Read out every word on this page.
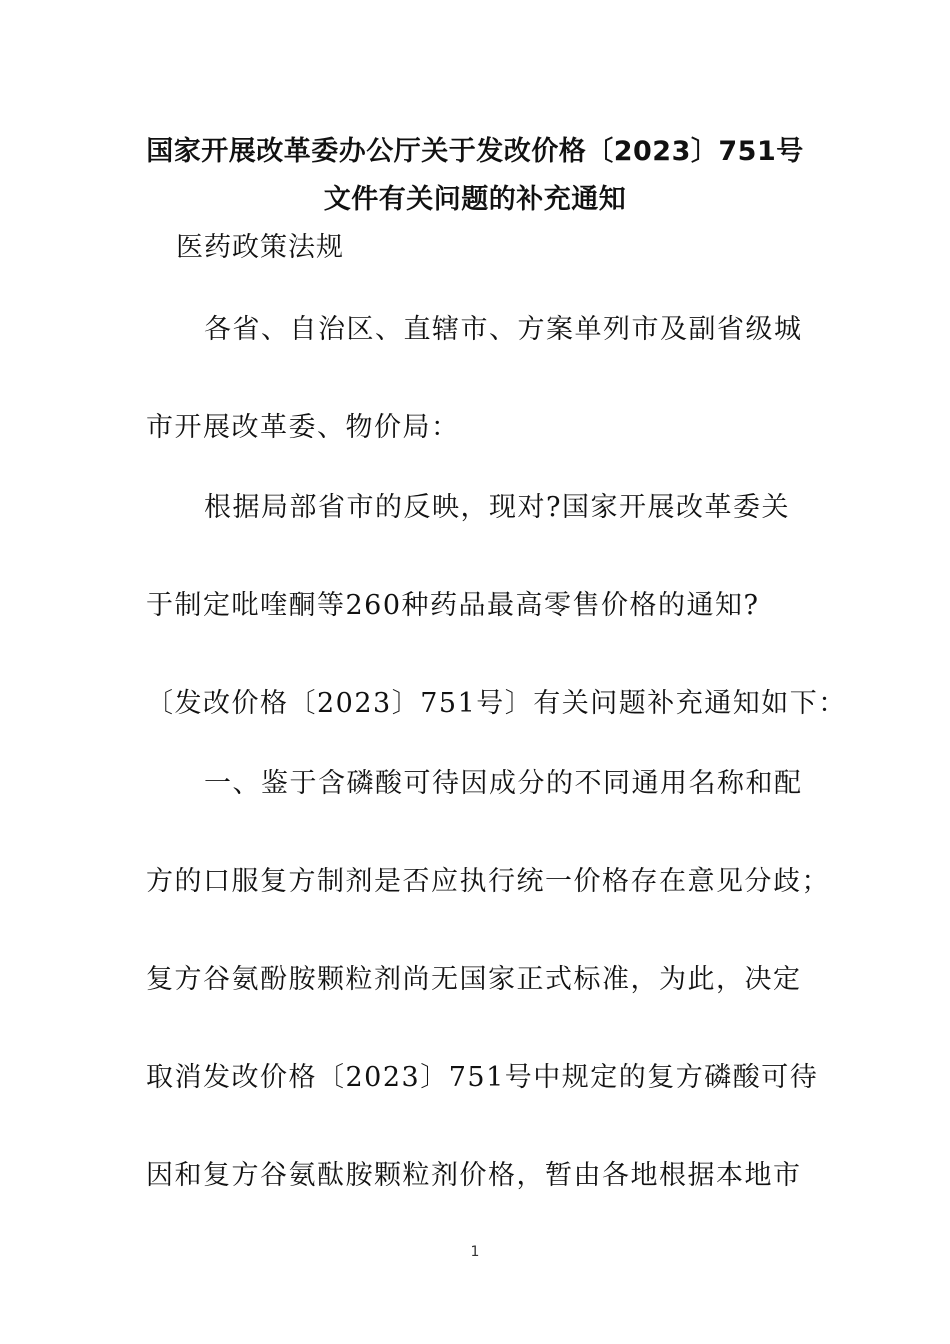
国家开展改革委办公厅关于发改价格〔2023〕751号
文件有关问题的补充通知
医药政策法规
各省、自治区、直辖市、方案单列市及副省级城
市开展改革委、物价局：
根据局部省市的反映，现对?国家开展改革委关
于制定吡喹酮等260种药品最高零售价格的通知?
〔发改价格〔2023〕751号〕有关问题补充通知如下：
一、鉴于含磷酸可待因成分的不同通用名称和配
方的口服复方制剂是否应执行统一价格存在意见分歧；
复方谷氨酚胺颗粒剂尚无国家正式标准，为此，决定
取消发改价格〔2023〕751号中规定的复方磷酸可待
因和复方谷氨酞胺颗粒剂价格，暂由各地根据本地市
1
